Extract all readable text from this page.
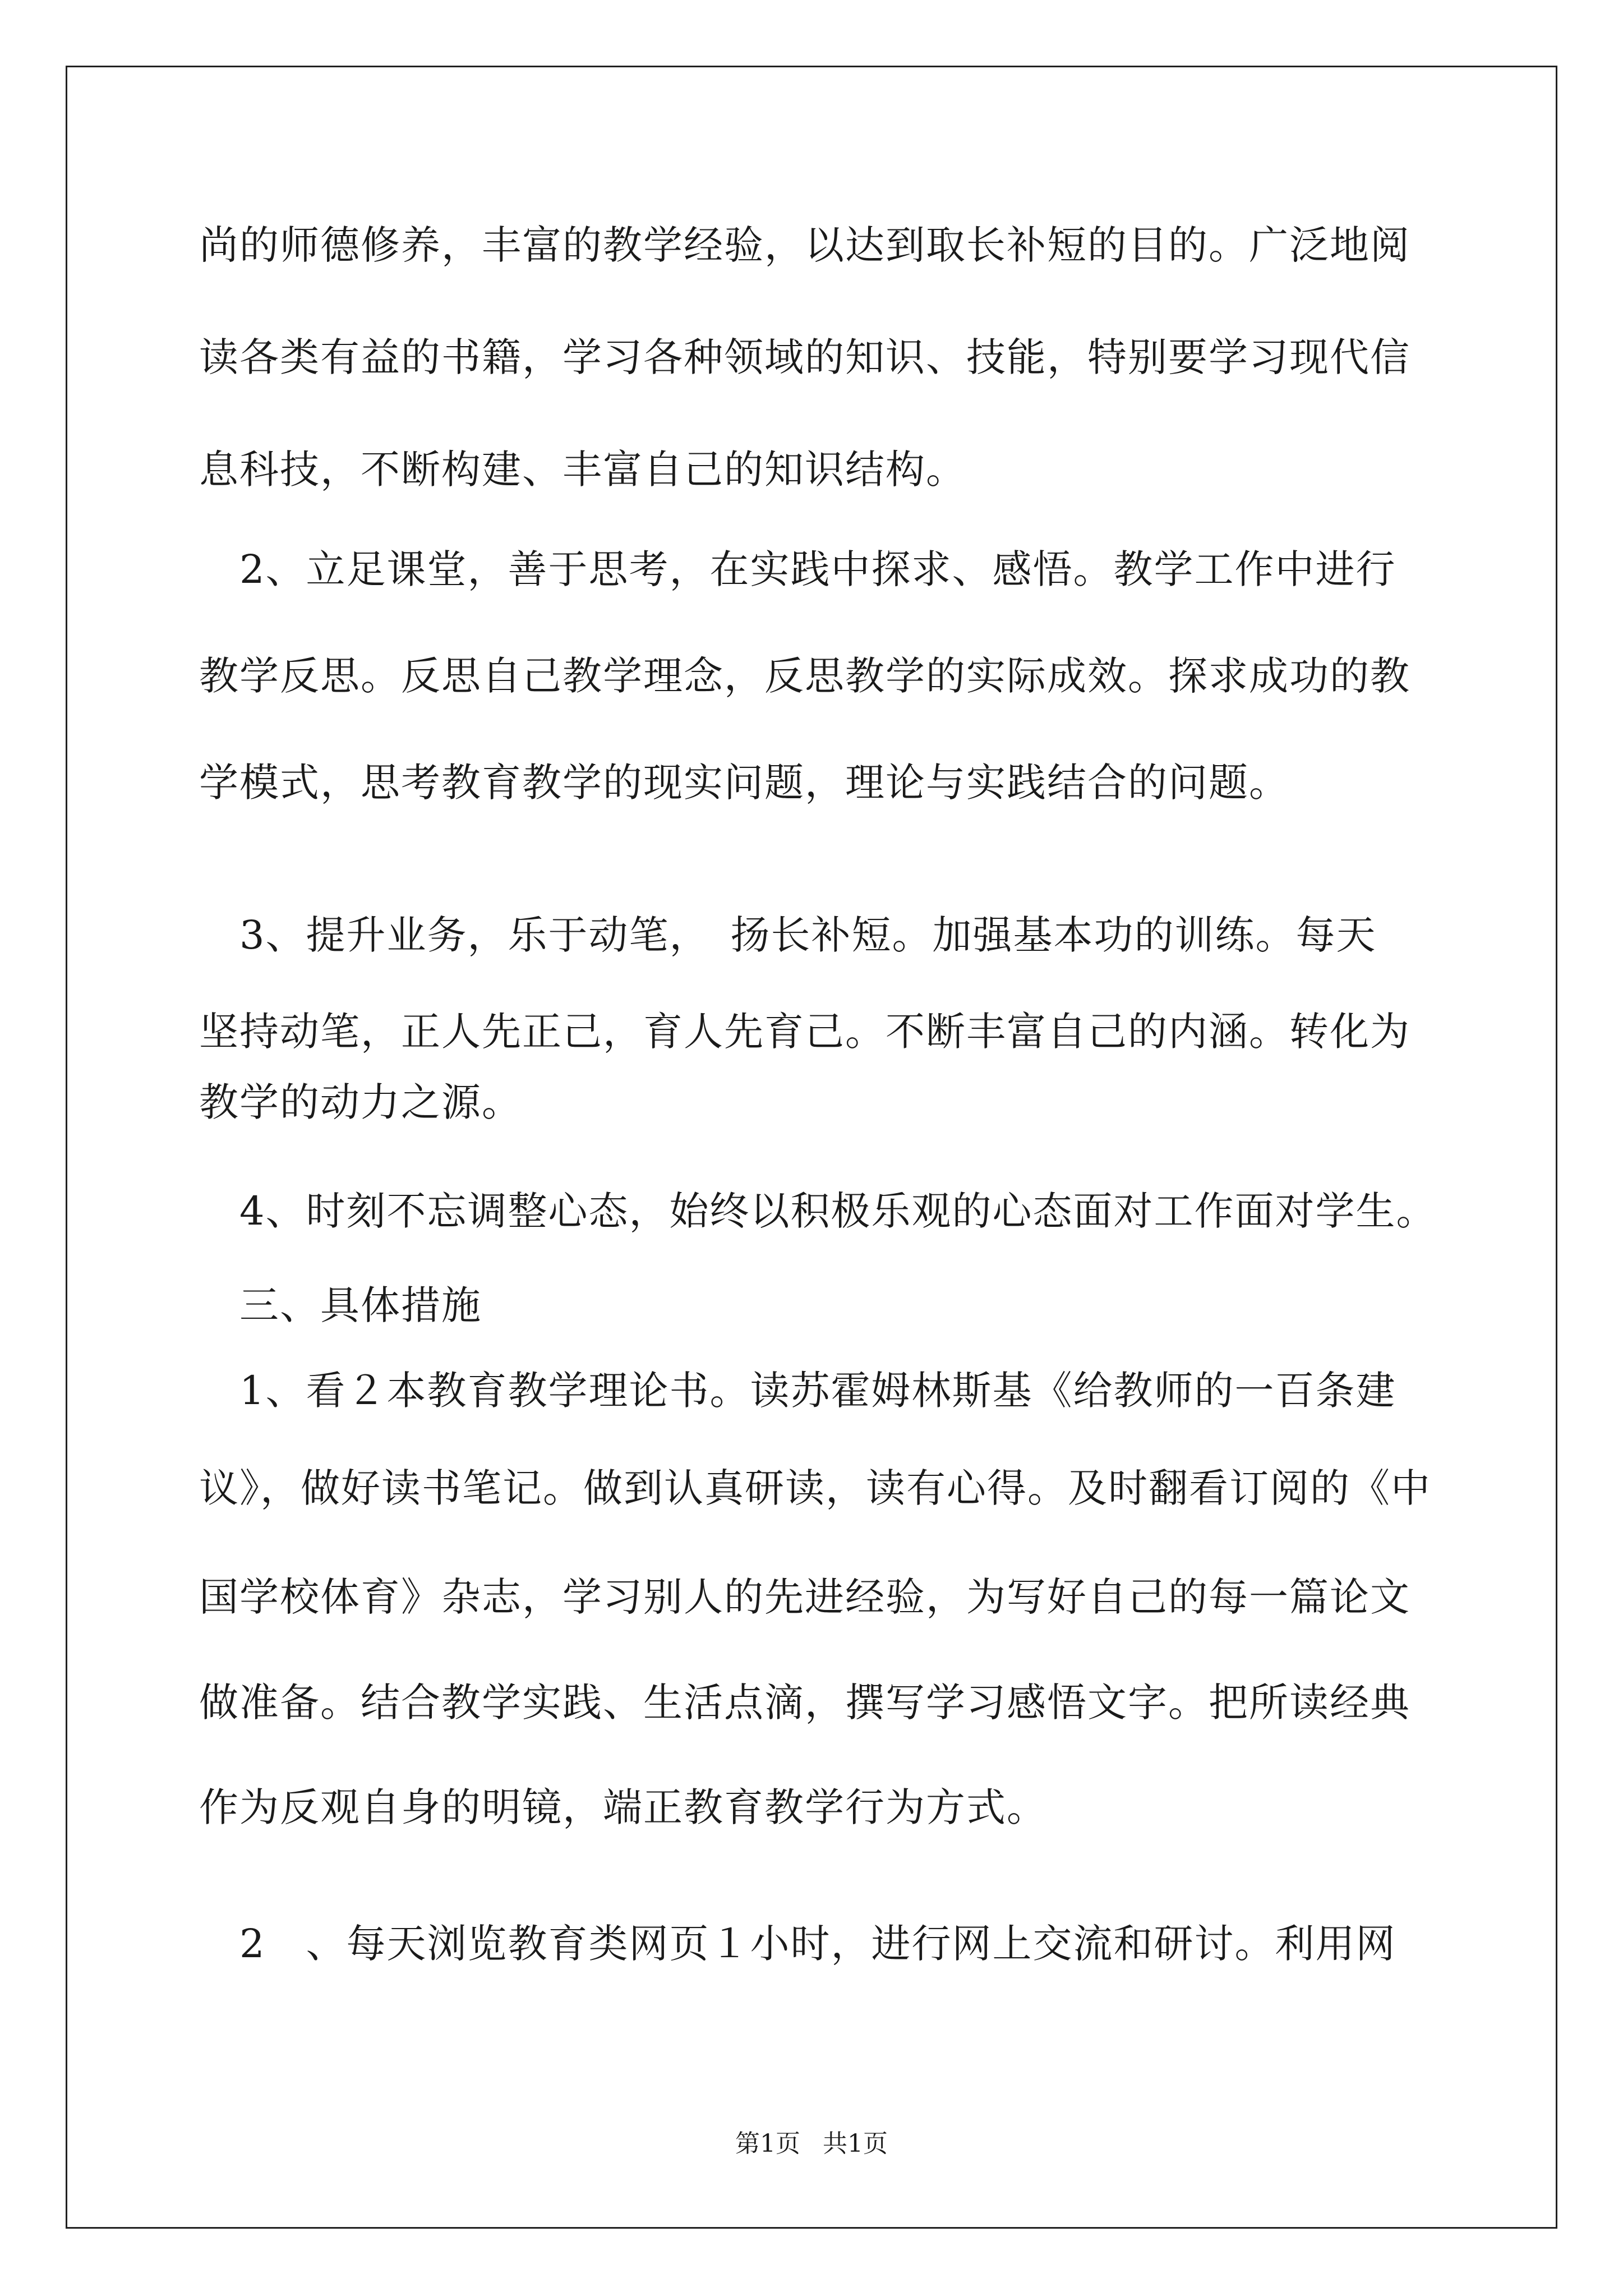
尚的师德修养，丰富的教学经验，以达到取长补短的目的。广泛地阅

读各类有益的书籍，学习各种领域的知识、技能，特别要学习现代信

息科技，不断构建、丰富自己的知识结构。

　2、立足课堂，善于思考，在实践中探求、感悟。教学工作中进行

教学反思。反思自己教学理念，反思教学的实际成效。探求成功的教

学模式，思考教育教学的现实问题，理论与实践结合的问题。

　3、提升业务，乐于动笔，　扬长补短。加强基本功的训练。每天

坚持动笔，正人先正己，育人先育己。不断丰富自己的内涵。转化为

教学的动力之源。

　4、时刻不忘调整心态，始终以积极乐观的心态面对工作面对学生。

　三、具体措施

　1、看２本教育教学理论书。读苏霍姆林斯基《给教师的一百条建

议》，做好读书笔记。做到认真研读，读有心得。及时翻看订阅的《中

国学校体育》杂志，学习别人的先进经验，为写好自己的每一篇论文

做准备。结合教学实践、生活点滴，撰写学习感悟文字。把所读经典

作为反观自身的明镜，端正教育教学行为方式。

　2　、每天浏览教育类网页１小时，进行网上交流和研讨。利用网

第1页 共1页
